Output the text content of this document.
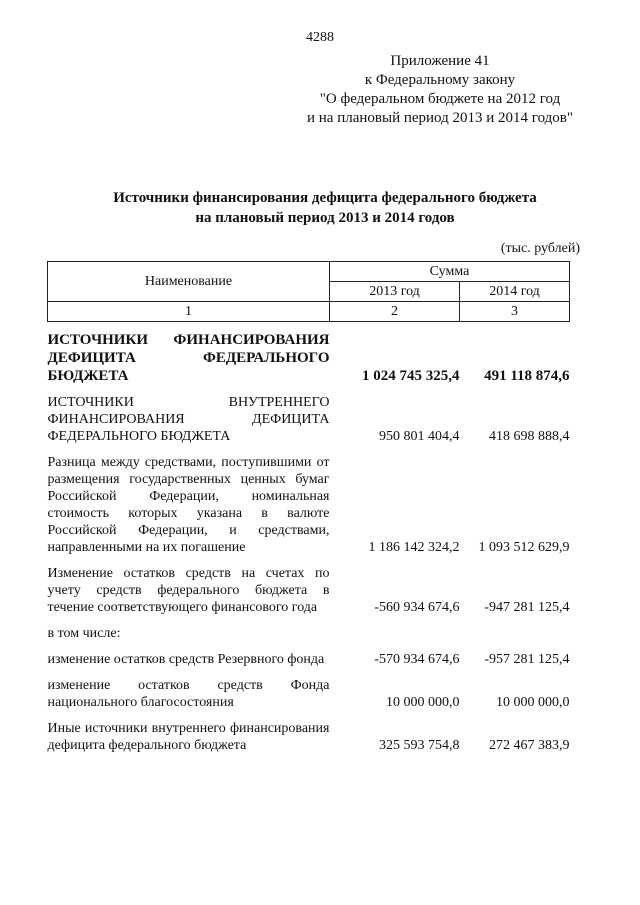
4288
Приложение 41
к Федеральному закону
"О федеральном бюджете на 2012 год
и на плановый период 2013 и 2014 годов"
Источники финансирования дефицита федерального бюджета
на плановый период 2013 и 2014 годов
(тыс. рублей)
Наименование	Сумма	
	2013 год	2014 год
1	2	3

ИСТОЧНИКИ ФИНАНСИРОВАНИЯ ДЕФИЦИТА ФЕДЕРАЛЬНОГО БЮДЖЕТА	1 024 745 325,4	491 118 874,6

ИСТОЧНИКИ ВНУТРЕННЕГО ФИНАНСИРОВАНИЯ ДЕФИЦИТА ФЕДЕРАЛЬНОГО БЮДЖЕТА	950 801 404,4	418 698 888,4

Разница между средствами, поступившими от размещения государственных ценных бумаг Российской Федерации, номинальная стоимость которых указана в валюте Российской Федерации, и средствами, направленными на их погашение	1 186 142 324,2	1 093 512 629,9

Изменение остатков средств на счетах по учету средств федерального бюджета в течение соответствующего финансового года	-560 934 674,6	-947 281 125,4

в том числе:		

изменение остатков средств Резервного фонда	-570 934 674,6	-957 281 125,4

изменение остатков средств Фонда национального благосостояния	10 000 000,0	10 000 000,0

Иные источники внутреннего финансирования дефицита федерального бюджета	325 593 754,8	272 467 383,9
